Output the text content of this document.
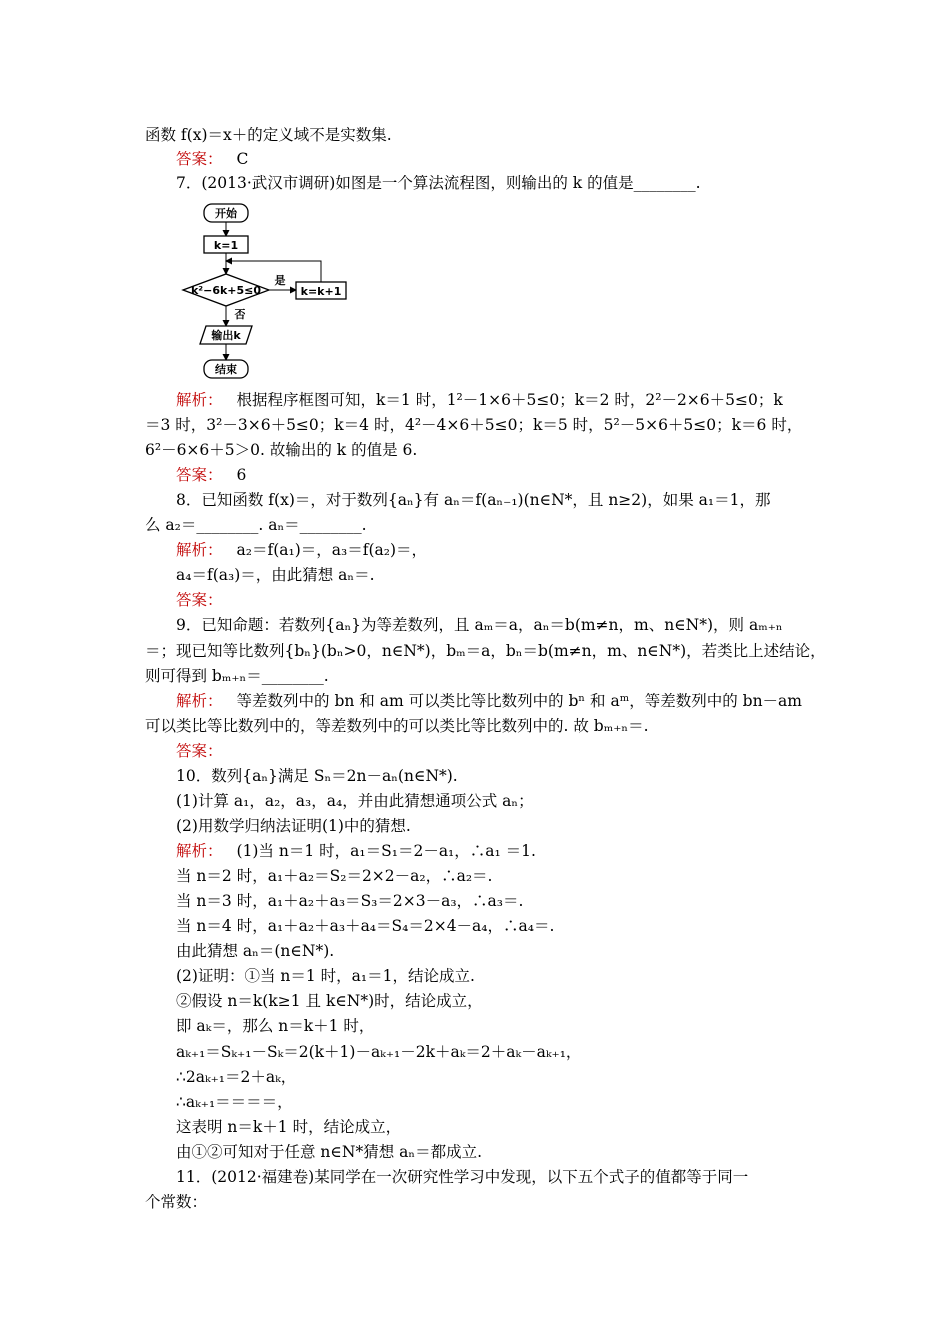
函数 f(x)＝x＋的定义域不是实数集.
答案： C
7．(2013·武汉市调研)如图是一个算法流程图，则输出的 k 的值是________.
开始
k=1
k²−6k+5≤0
是
k=k+1
否
输出k
结束
解析： 根据程序框图可知，k＝1 时，1²－1×6＋5≤0；k＝2 时，2²－2×6＋5≤0；k
＝3 时，3²－3×6＋5≤0；k＝4 时，4²－4×6＋5≤0；k＝5 时，5²－5×6＋5≤0；k＝6 时，
6²－6×6＋5＞0. 故输出的 k 的值是 6.
答案： 6
8．已知函数 f(x)＝，对于数列{aₙ}有 aₙ＝f(aₙ₋₁)(n∈N*，且 n≥2)，如果 a₁＝1，那
么 a₂＝________. aₙ＝________.
解析： a₂＝f(a₁)＝，a₃＝f(a₂)＝，
a₄＝f(a₃)＝，由此猜想 aₙ＝.
答案：
9．已知命题：若数列{aₙ}为等差数列，且 aₘ＝a，aₙ＝b(m≠n，m、n∈N*)，则 aₘ₊ₙ
＝；现已知等比数列{bₙ}(bₙ>0，n∈N*)，bₘ＝a，bₙ＝b(m≠n，m、n∈N*)，若类比上述结论，
则可得到 bₘ₊ₙ＝________.
解析： 等差数列中的 bn 和 am 可以类比等比数列中的 bⁿ 和 aᵐ，等差数列中的 bn－am
可以类比等比数列中的，等差数列中的可以类比等比数列中的. 故 bₘ₊ₙ＝.
答案：
10．数列{aₙ}满足 Sₙ＝2n－aₙ(n∈N*).
(1)计算 a₁，a₂，a₃，a₄，并由此猜想通项公式 aₙ；
(2)用数学归纳法证明(1)中的猜想.
解析： (1)当 n＝1 时，a₁＝S₁＝2－a₁，∴a₁ ＝1.
当 n＝2 时，a₁＋a₂＝S₂＝2×2－a₂，∴a₂＝.
当 n＝3 时，a₁＋a₂＋a₃＝S₃＝2×3－a₃，∴a₃＝.
当 n＝4 时，a₁＋a₂＋a₃＋a₄＝S₄＝2×4－a₄，∴a₄＝.
由此猜想 aₙ＝(n∈N*).
(2)证明：①当 n＝1 时，a₁＝1，结论成立.
②假设 n＝k(k≥1 且 k∈N*)时，结论成立，
即 aₖ＝，那么 n＝k＋1 时，
aₖ₊₁＝Sₖ₊₁－Sₖ＝2(k＋1)－aₖ₊₁－2k＋aₖ＝2＋aₖ－aₖ₊₁，
∴2aₖ₊₁＝2＋aₖ，
∴aₖ₊₁＝＝＝＝，
这表明 n＝k＋1 时，结论成立，
由①②可知对于任意 n∈N*猜想 aₙ＝都成立.
11．(2012·福建卷)某同学在一次研究性学习中发现，以下五个式子的值都等于同一
个常数：
